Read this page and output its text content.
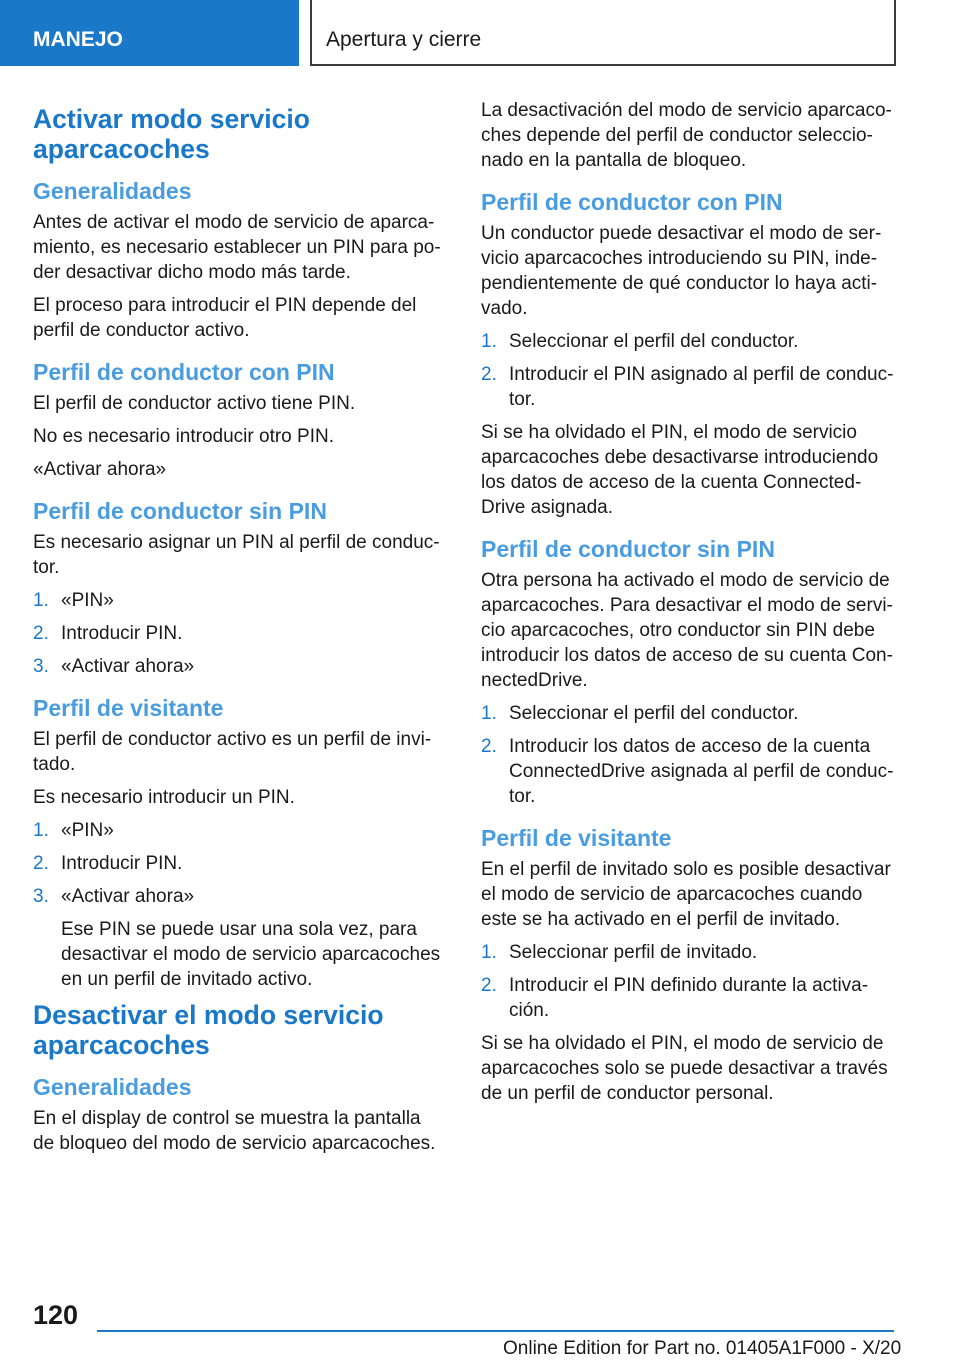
MANEJO	Apertura y cierre
Activar modo servicio aparcacoches
Generalidades

Antes de activar el modo de servicio de aparcamiento, es necesario establecer un PIN para poder desactivar dicho modo más tarde.

El proceso para introducir el PIN depende del perfil de conductor activo.

Perfil de conductor con PIN

El perfil de conductor activo tiene PIN.

No es necesario introducir otro PIN.

«Activar ahora»

Perfil de conductor sin PIN

Es necesario asignar un PIN al perfil de conductor.

1. «PIN»
2. Introducir PIN.
3. «Activar ahora»
Perfil de visitante

El perfil de conductor activo es un perfil de invitado.

Es necesario introducir un PIN.

1. «PIN»
2. Introducir PIN.
3. «Activar ahora»
Ese PIN se puede usar una sola vez, para desactivar el modo de servicio aparcacoches en un perfil de invitado activo.
Desactivar el modo servicio aparcacoches
Generalidades

En el display de control se muestra la pantalla de bloqueo del modo de servicio aparcacoches.

La desactivación del modo de servicio aparcacoches depende del perfil de conductor seleccionado en la pantalla de bloqueo.

Perfil de conductor con PIN

Un conductor puede desactivar el modo de servicio aparcacoches introduciendo su PIN, independientemente de qué conductor lo haya activado.

1. Seleccionar el perfil del conductor.
2. Introducir el PIN asignado al perfil de conductor.

Si se ha olvidado el PIN, el modo de servicio aparcacoches debe desactivarse introduciendo los datos de acceso de la cuenta ConnectedDrive asignada.

Perfil de conductor sin PIN

Otra persona ha activado el modo de servicio de aparcacoches. Para desactivar el modo de servicio aparcacoches, otro conductor sin PIN debe introducir los datos de acceso de su cuenta ConnectedDrive.

1. Seleccionar el perfil del conductor.
2. Introducir los datos de acceso de la cuenta ConnectedDrive asignada al perfil de conductor.
Perfil de visitante

En el perfil de invitado solo es posible desactivar el modo de servicio de aparcacoches cuando este se ha activado en el perfil de invitado.

1. Seleccionar perfil de invitado.
2. Introducir el PIN definido durante la activación.

Si se ha olvidado el PIN, el modo de servicio de aparcacoches solo se puede desactivar a través de un perfil de conductor personal.

120
Online Edition for Part no. 01405A1F000 - X/20
